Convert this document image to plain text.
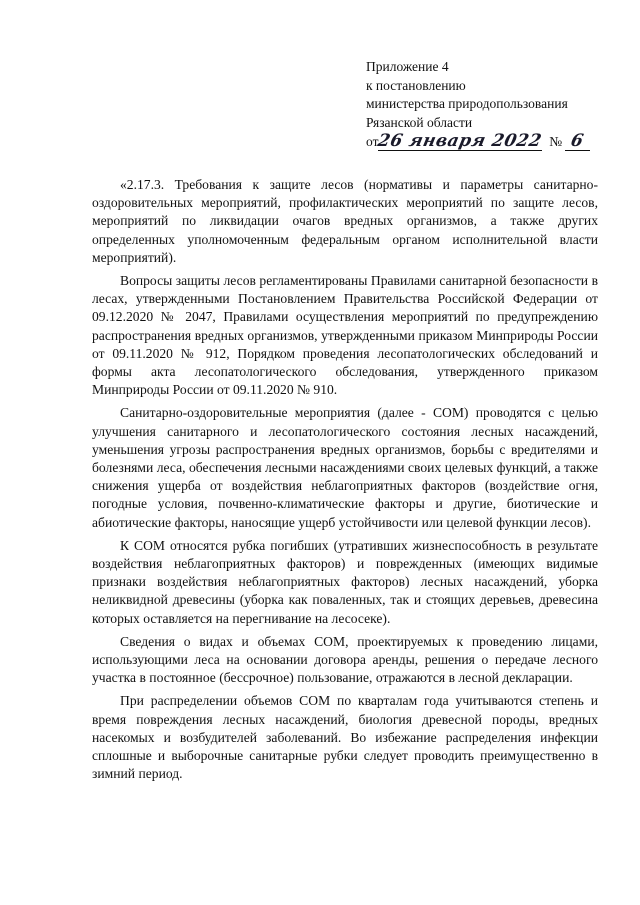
Приложение 4
к постановлению
министерства природопользования
Рязанской области
от26 января 2022 № 6

«2.17.3. Требования к защите лесов (нормативы и параметры санитарно-оздоровительных мероприятий, профилактических мероприятий по защите лесов, мероприятий по ликвидации очагов вредных организмов, а также других определенных уполномоченным федеральным органом исполнительной власти мероприятий).

Вопросы защиты лесов регламентированы Правилами санитарной безопасности в лесах, утвержденными Постановлением Правительства Российской Федерации от 09.12.2020 № 2047, Правилами осуществления мероприятий по предупреждению распространения вредных организмов, утвержденными приказом Минприроды России от 09.11.2020 № 912, Порядком проведения лесопатологических обследований и формы акта лесопатологического обследования, утвержденного приказом Минприроды России от 09.11.2020 № 910.

Санитарно-оздоровительные мероприятия (далее - СОМ) проводятся с целью улучшения санитарного и лесопатологического состояния лесных насаждений, уменьшения угрозы распространения вредных организмов, борьбы с вредителями и болезнями леса, обеспечения лесными насаждениями своих целевых функций, а также снижения ущерба от воздействия неблагоприятных факторов (воздействие огня, погодные условия, почвенно-климатические факторы и другие, биотические и абиотические факторы, наносящие ущерб устойчивости или целевой функции лесов).

К СОМ относятся рубка погибших (утративших жизнеспособность в результате воздействия неблагоприятных факторов) и поврежденных (имеющих видимые признаки воздействия неблагоприятных факторов) лесных насаждений, уборка неликвидной древесины (уборка как поваленных, так и стоящих деревьев, древесина которых оставляется на перегнивание на лесосеке).

Сведения о видах и объемах СОМ, проектируемых к проведению лицами, использующими леса на основании договора аренды, решения о передаче лесного участка в постоянное (бессрочное) пользование, отражаются в лесной декларации.

При распределении объемов СОМ по кварталам года учитываются степень и время повреждения лесных насаждений, биология древесной породы, вредных насекомых и возбудителей заболеваний. Во избежание распределения инфекции сплошные и выборочные санитарные рубки следует проводить преимущественно в зимний период.
